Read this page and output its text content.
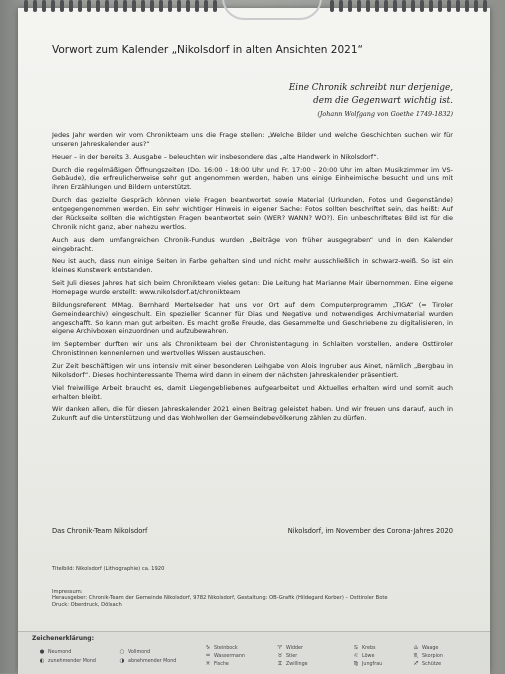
Vorwort zum Kalender „Nikolsdorf in alten Ansichten 2021“
Eine Chronik schreibt nur derjenige,
dem die Gegenwart wichtig ist.
(Johann Wolfgang von Goethe 1749-1832)

Jedes Jahr werden wir vom Chronikteam uns die Frage stellen: „Welche Bilder und welche Geschichten suchen wir für unseren Jahreskalender aus?“

Heuer – in der bereits 3. Ausgabe – beleuchten wir insbesondere das „alte Handwerk in Nikolsdorf“.

Durch die regelmäßigen Öffnungszeiten (Do. 16:00 - 18:00 Uhr und Fr. 17:00 - 20:00 Uhr im alten Musikzimmer im VS-Gebäude), die erfreulicherweise sehr gut angenommen werden, haben uns einige Einheimische besucht und uns mit ihren Erzählungen und Bildern unterstützt.

Durch das gezielte Gespräch können viele Fragen beantwortet sowie Material (Urkunden, Fotos und Gegenstände) entgegengenommen werden. Ein sehr wichtiger Hinweis in eigener Sache: Fotos sollten beschriftet sein, das heißt: Auf der Rückseite sollten die wichtigsten Fragen beantwortet sein (WER? WANN? WO?). Ein unbeschriftetes Bild ist für die Chronik nicht ganz, aber nahezu wertlos.

Auch aus dem umfangreichen Chronik-Fundus wurden „Beiträge von früher ausgegraben“ und in den Kalender eingebracht.

Neu ist auch, dass nun einige Seiten in Farbe gehalten sind und nicht mehr ausschließlich in schwarz-weiß. So ist ein kleines Kunstwerk entstanden.

Seit Juli dieses Jahres hat sich beim Chronikteam vieles getan: Die Leitung hat Marianne Mair übernommen. Eine eigene Homepage wurde erstellt: www.nikolsdorf.at/chronikteam

Bildungsreferent MMag. Bernhard Mertelseder hat uns vor Ort auf dem Computerprogramm „TIGA“ (= Tiroler Gemeindearchiv) eingeschult. Ein spezieller Scanner für Dias und Negative und notwendiges Archivmaterial wurden angeschafft. So kann man gut arbeiten. Es macht große Freude, das Gesammelte und Geschriebene zu digitalisieren, in eigene Archivboxen einzuordnen und aufzubewahren.

Im September durften wir uns als Chronikteam bei der Chronistentagung in Schlaiten vorstellen, andere Osttiroler ChronistInnen kennenlernen und wertvolles Wissen austauschen.

Zur Zeit beschäftigen wir uns intensiv mit einer besonderen Leihgabe von Alois Ingruber aus Ainet, nämlich „Bergbau in Nikolsdorf“. Dieses hochinteressante Thema wird dann in einem der nächsten Jahreskalender präsentiert.

Viel freiwillige Arbeit braucht es, damit Liegengebliebenes aufgearbeitet und Aktuelles erhalten wird und somit auch erhalten bleibt.

Wir danken allen, die für diesen Jahreskalender 2021 einen Beitrag geleistet haben. Und wir freuen uns darauf, auch in Zukunft auf die Unterstützung und das Wohlwollen der Gemeindebevölkerung zählen zu dürfen.

Das Chronik-Team Nikolsdorf	Nikolsdorf, im November des Corona-Jahres 2020
Titelbild: Nikolsdorf (Lithographie) ca. 1920
Impressum:
Herausgeber: Chronik-Team der Gemeinde Nikolsdorf, 9782 Nikolsdorf, Gestaltung: OB-Grafik (Hildegard Korber) – Osttiroler Bote
Druck: Oberdruck, Dölsach
Zeichenerklärung:
● Neumond
◐ zunehmender Mond
○ Vollmond
◑ abnehmender Mond
♑ Steinbock
♒ Wassermann
♓ Fische
♈ Widder
♉ Stier
♊ Zwillinge
♋ Krebs
♌ Löwe
♍ Jungfrau
♎ Waage
♏ Skorpion
♐ Schütze
